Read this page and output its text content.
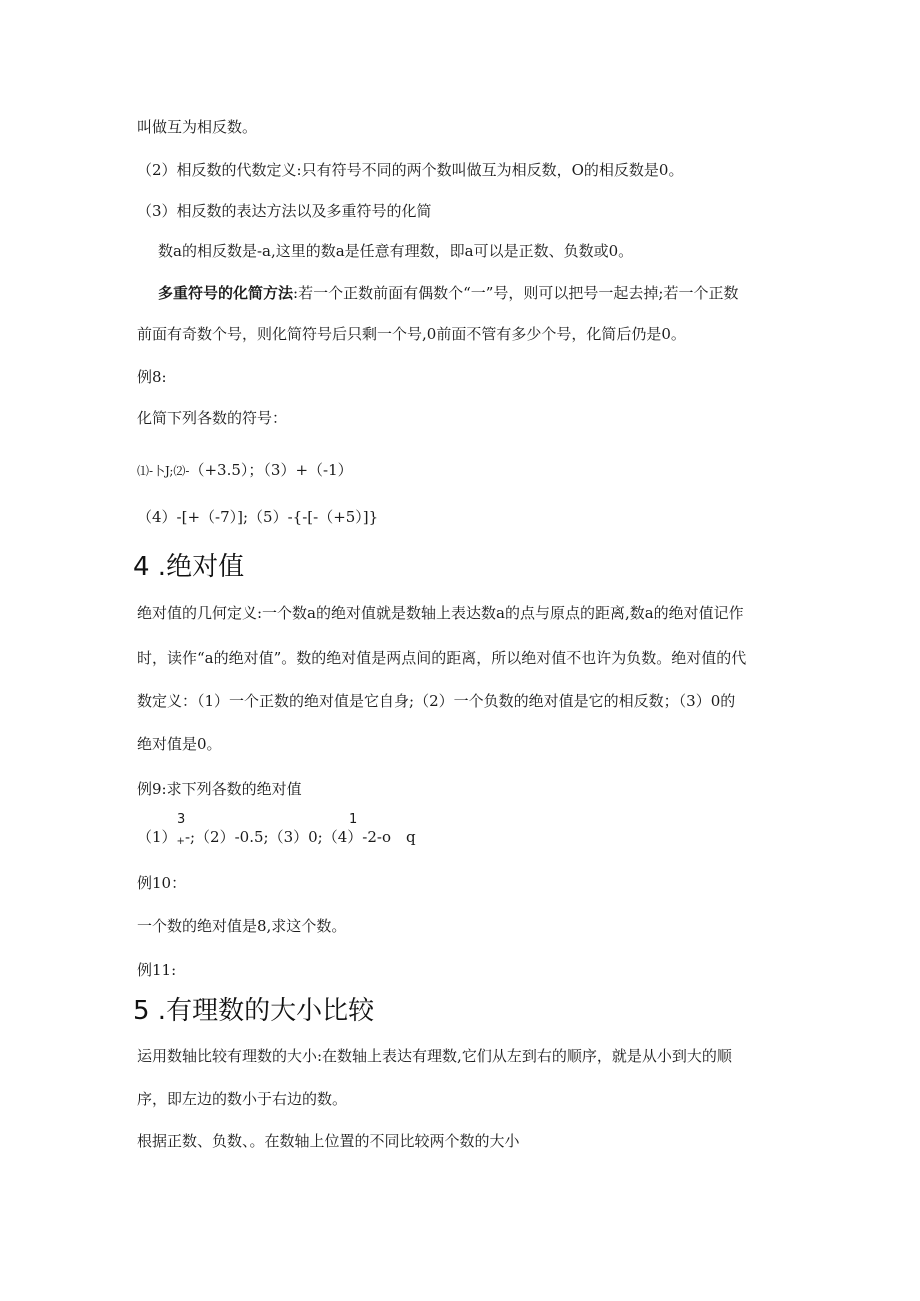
叫做互为相反数。
（2）相反数的代数定义:只有符号不同的两个数叫做互为相反数，O的相反数是0。
（3）相反数的表达方法以及多重符号的化简
数a的相反数是-a,这里的数a是任意有理数，即a可以是正数、负数或0。
多重符号的化简方法:若一个正数前面有偶数个“一”号，则可以把号一起去掉;若一个正数
前面有奇数个号，则化简符号后只剩一个号,0前面不管有多少个号，化简后仍是0。
例8:
化简下列各数的符号：
⑴-卜J;⑵-（+3.5）；（3）+（-1）
（4）-[+（-7）];（5）-{-[-（+5）]}
4 .绝对值
绝对值的几何定义:一个数a的绝对值就是数轴上表达数a的点与原点的距离,数a的绝对值记作
时，读作“a的绝对值”。数的绝对值是两点间的距离，所以绝对值不也许为负数。绝对值的代
数定义：（1）一个正数的绝对值是它自身;（2）一个负数的绝对值是它的相反数；（3）0的
绝对值是0。
例9:求下列各数的绝对值
3	1
$(1)_+-;(2)-0.5;(3)0;(4)-2-o$　q
例10：
一个数的绝对值是8,求这个数。
例11:
5 .有理数的大小比较
运用数轴比较有理数的大小:在数轴上表达有理数,它们从左到右的顺序，就是从小到大的顺
序，即左边的数小于右边的数。
根据正数、负数、。在数轴上位置的不同比较两个数的大小
